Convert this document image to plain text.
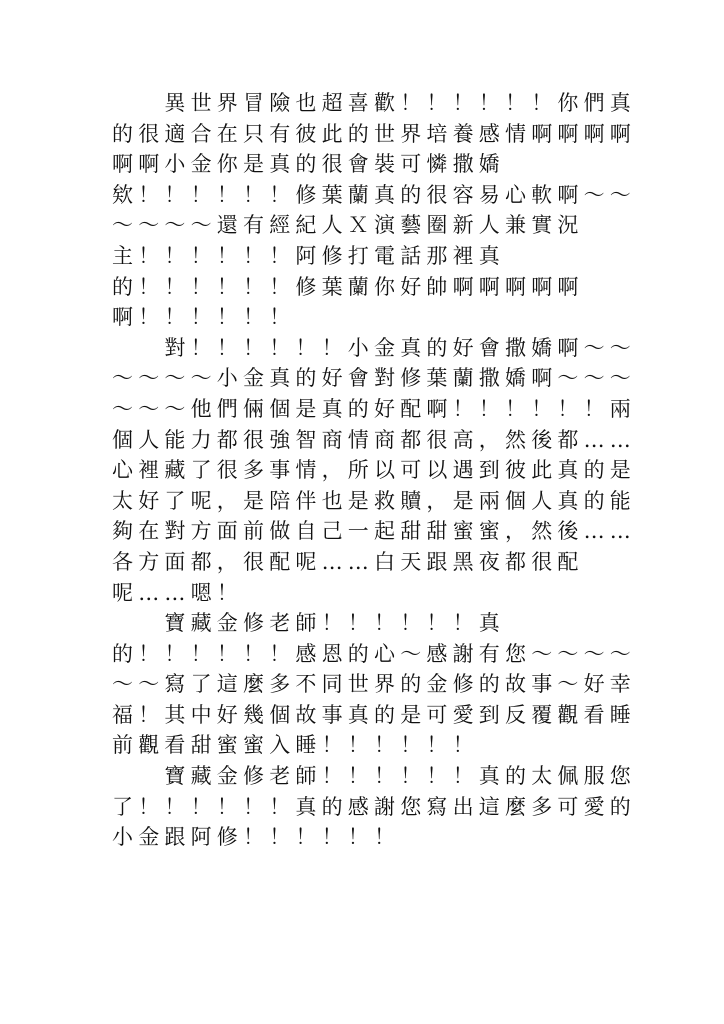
　　異世界冒險也超喜歡！！！！！！你們真
的很適合在只有彼此的世界培養感情啊啊啊啊
啊啊小金你是真的很會裝可憐撒嬌
欸！！！！！！修葉蘭真的很容易心軟啊～～
～～～～還有經紀人Ｘ演藝圈新人兼實況
主！！！！！！阿修打電話那裡真
的！！！！！！修葉蘭你好帥啊啊啊啊啊
啊！！！！！！
　　對！！！！！！小金真的好會撒嬌啊～～
～～～～小金真的好會對修葉蘭撒嬌啊～～～
～～～他們倆個是真的好配啊！！！！！！兩
個人能力都很強智商情商都很高，然後都……
心裡藏了很多事情，所以可以遇到彼此真的是
太好了呢，是陪伴也是救贖，是兩個人真的能
夠在對方面前做自己一起甜甜蜜蜜，然後……
各方面都，很配呢……白天跟黑夜都很配
呢……嗯！
　　寶藏金修老師！！！！！！真
的！！！！！！感恩的心～感謝有您～～～～
～～寫了這麼多不同世界的金修的故事～好幸
福！其中好幾個故事真的是可愛到反覆觀看睡
前觀看甜蜜蜜入睡！！！！！！
　　寶藏金修老師！！！！！！真的太佩服您
了！！！！！！真的感謝您寫出這麼多可愛的
小金跟阿修！！！！！！
